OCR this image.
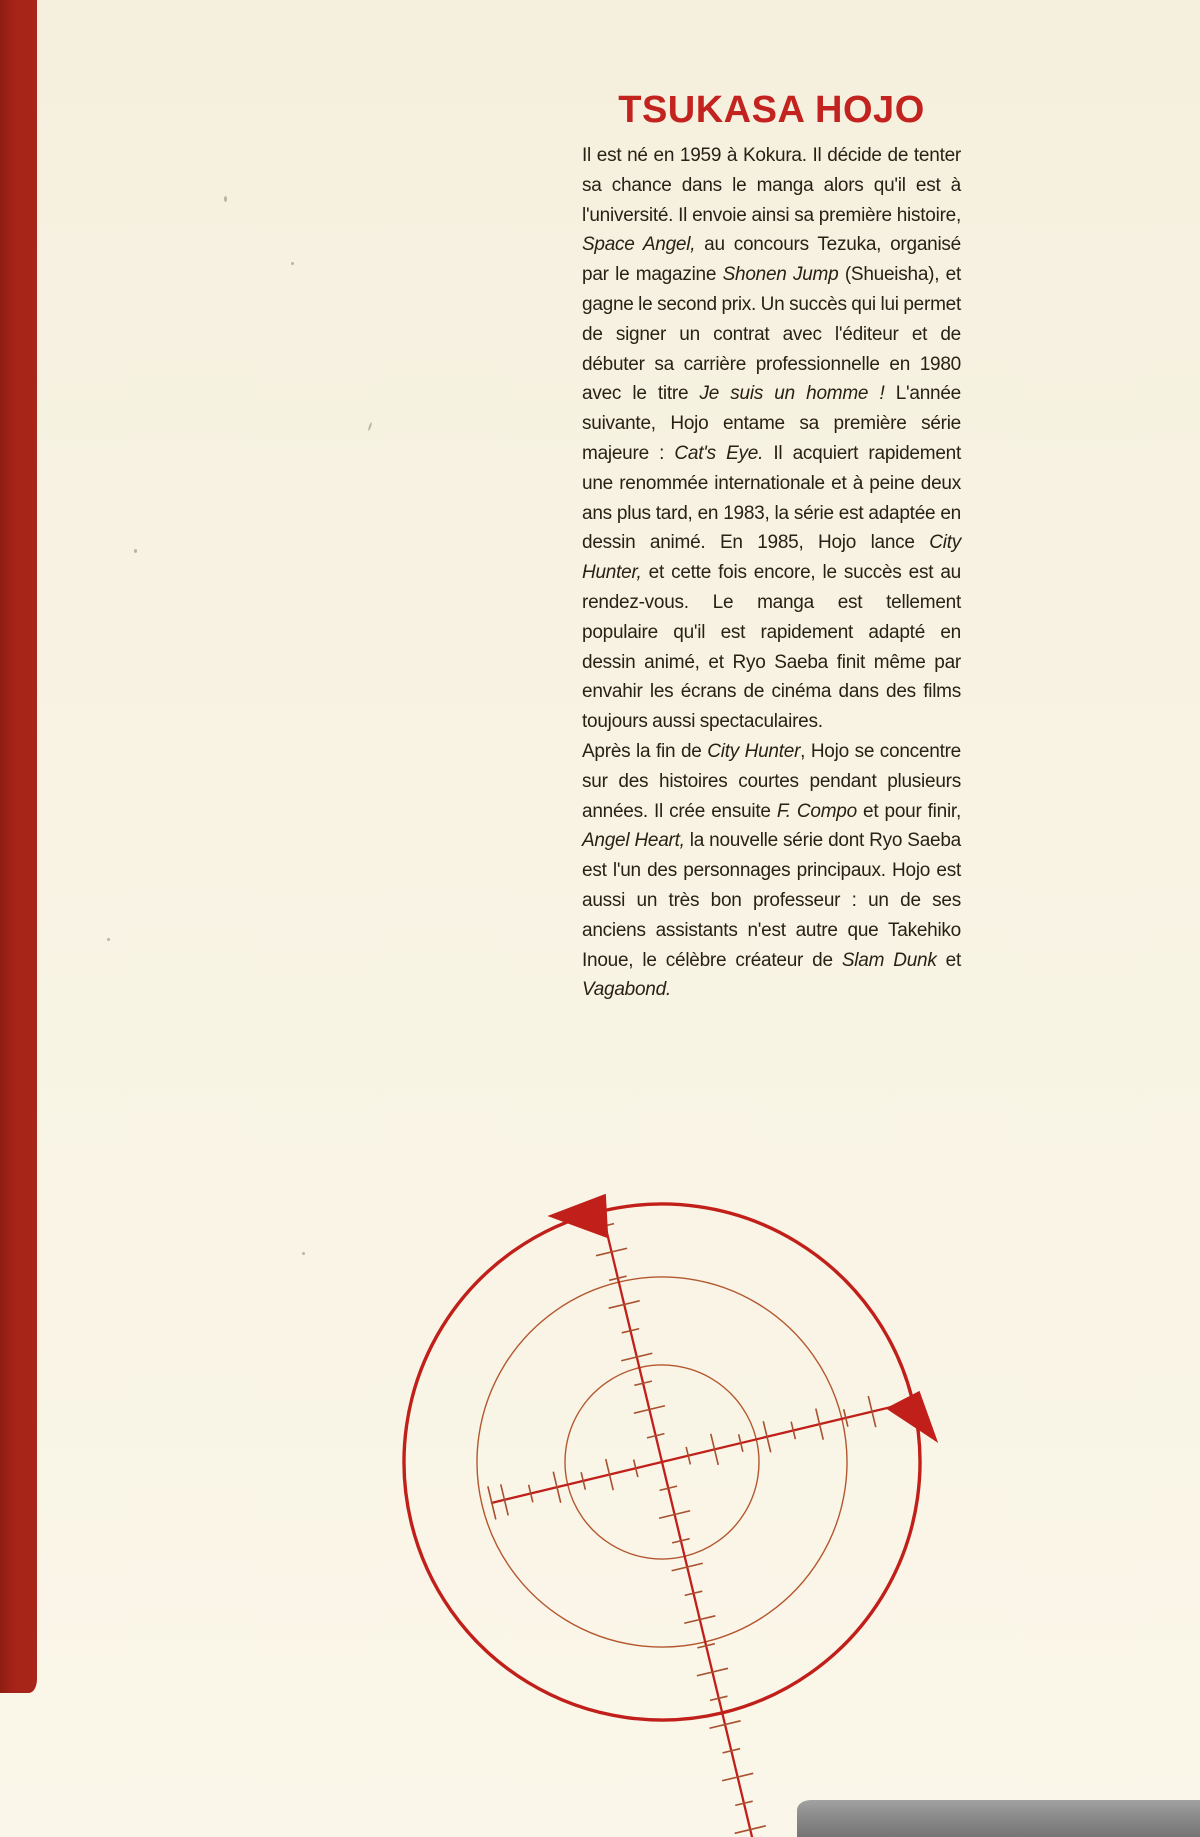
TSUKASA HOJO

Il est né en 1959 à Kokura. Il décide de tenter sa chance dans le manga alors qu'il est à l'université. Il envoie ainsi sa première histoire, Space Angel, au concours Tezuka, organisé par le magazine Shonen Jump (Shueisha), et gagne le second prix. Un succès qui lui permet de signer un contrat avec l'éditeur et de débuter sa carrière professionnelle en 1980 avec le titre Je suis un homme ! L'année suivante, Hojo entame sa première série majeure : Cat's Eye. Il acquiert rapidement une renommée internationale et à peine deux ans plus tard, en 1983, la série est adaptée en dessin animé. En 1985, Hojo lance City Hunter, et cette fois encore, le succès est au rendez-vous. Le manga est tellement populaire qu'il est rapidement adapté en dessin animé, et Ryo Saeba finit même par envahir les écrans de cinéma dans des films toujours aussi spectaculaires.

Après la fin de City Hunter, Hojo se concentre sur des histoires courtes pendant plusieurs années. Il crée ensuite F. Compo et pour finir, Angel Heart, la nouvelle série dont Ryo Saeba est l'un des personnages principaux. Hojo est aussi un très bon professeur : un de ses anciens assistants n'est autre que Takehiko Inoue, le célèbre créateur de Slam Dunk et Vagabond.
